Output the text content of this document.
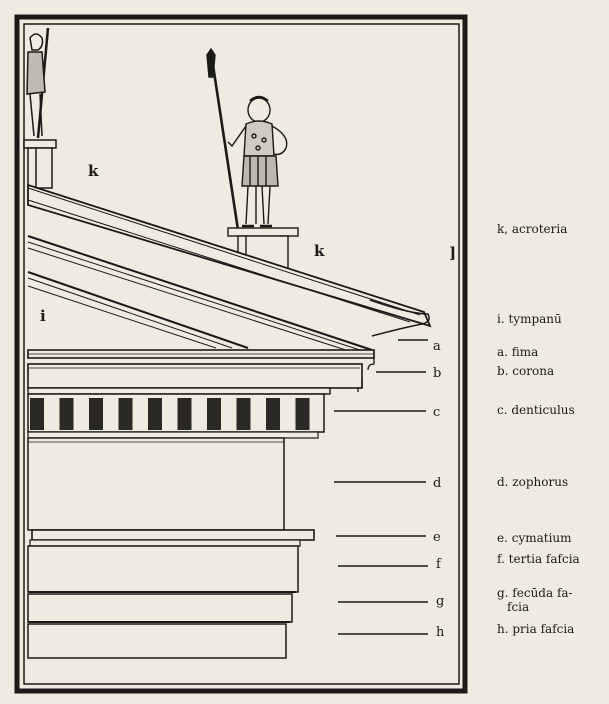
k
k
i
]
a
b
c
d
e
f
g
h
k, acroteria
i. tympanū
a. fima
b. corona
c. denticulus
d. zophorus
e. cymatium
f. tertia fafcia
g. fecūda fa-
fcia
h. pria fafcia
